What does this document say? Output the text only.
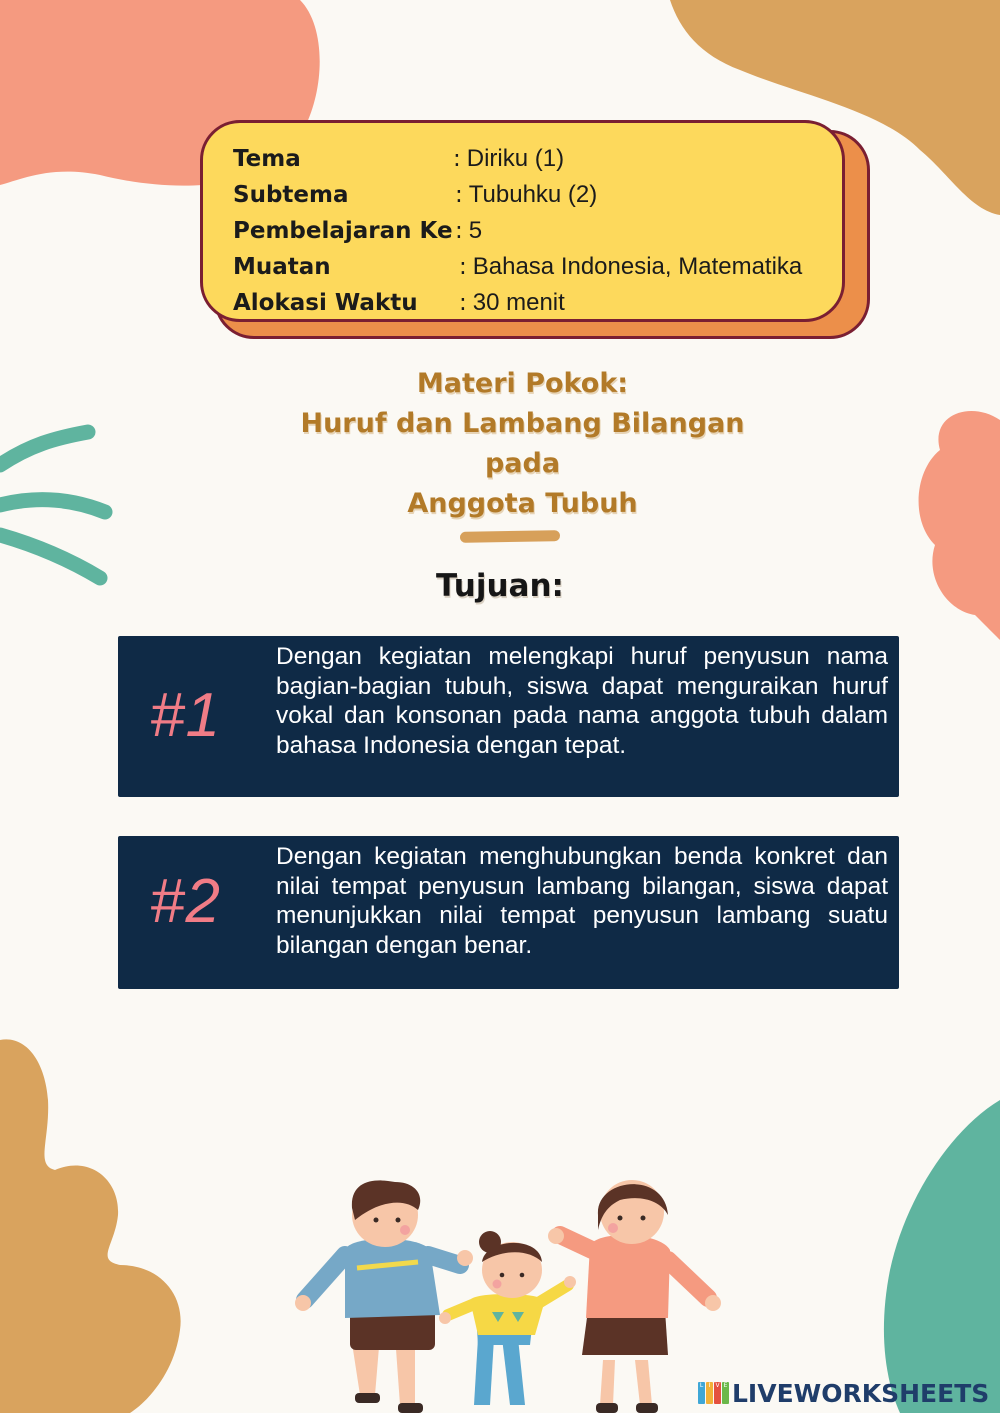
Tema	: Diriku (1)
Subtema	: Tubuhku (2)
Pembelajaran Ke : 5
Muatan	: Bahasa Indonesia, Matematika
Alokasi Waktu	: 30 menit
Materi Pokok:
Huruf dan Lambang Bilangan
pada
Anggota Tubuh
Tujuan:
#1
Dengan kegiatan melengkapi huruf penyusun nama bagian-bagian tubuh, siswa dapat menguraikan huruf vokal dan konsonan pada nama anggota tubuh dalam bahasa Indonesia dengan tepat.
#2
Dengan kegiatan menghubungkan benda konkret dan nilai tempat penyusun lambang bilangan, siswa dapat menunjukkan nilai tempat penyusun lambang suatu bilangan dengan benar.
L I V E LIVEWORKSHEETS
